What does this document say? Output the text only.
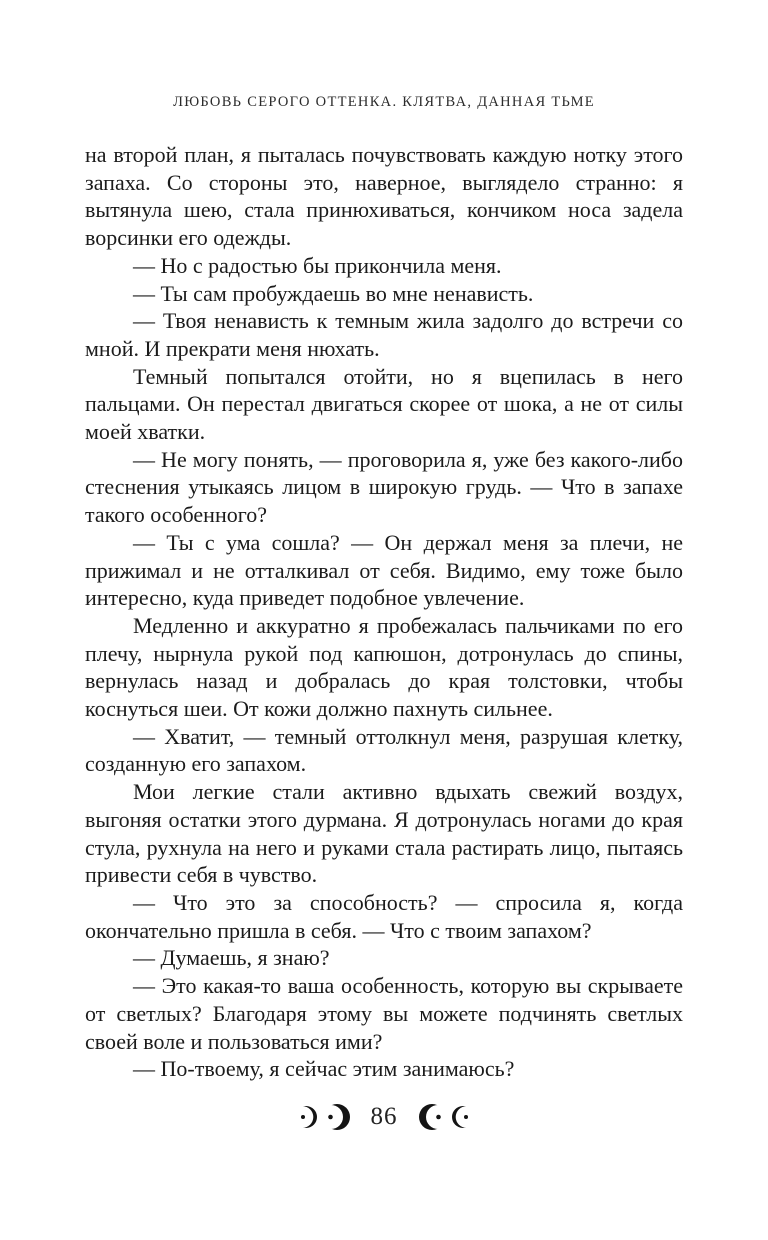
ЛЮБОВЬ СЕРОГО ОТТЕНКА. КЛЯТВА, ДАННАЯ ТЬМЕ

на второй план, я пыталась почувствовать каждую нотку этого запаха. Со стороны это, наверное, выглядело странно: я вытянула шею, стала принюхиваться, кончиком носа задела ворсинки его одежды.

— Но с радостью бы прикончила меня.

— Ты сам пробуждаешь во мне ненависть.

— Твоя ненависть к темным жила задолго до встречи со мной. И прекрати меня нюхать.

Темный попытался отойти, но я вцепилась в него пальцами. Он перестал двигаться скорее от шока, а не от силы моей хватки.

— Не могу понять, — проговорила я, уже без какого-либо стеснения утыкаясь лицом в широкую грудь. — Что в запахе такого особенного?

— Ты с ума сошла? — Он держал меня за плечи, не прижимал и не отталкивал от себя. Видимо, ему тоже было интересно, куда приведет подобное увлечение.

Медленно и аккуратно я пробежалась пальчиками по его плечу, нырнула рукой под капюшон, дотронулась до спины, вернулась назад и добралась до края толстовки, чтобы коснуться шеи. От кожи должно пахнуть сильнее.

— Хватит, — темный оттолкнул меня, разрушая клетку, созданную его запахом.

Мои легкие стали активно вдыхать свежий воздух, выгоняя остатки этого дурмана. Я дотронулась ногами до края стула, рухнула на него и руками стала растирать лицо, пытаясь привести себя в чувство.

— Что это за способность? — спросила я, когда окончательно пришла в себя. — Что с твоим запахом?

— Думаешь, я знаю?

— Это какая-то ваша особенность, которую вы скрываете от светлых? Благодаря этому вы можете подчинять светлых своей воле и пользоваться ими?

— По-твоему, я сейчас этим занимаюсь?

86
